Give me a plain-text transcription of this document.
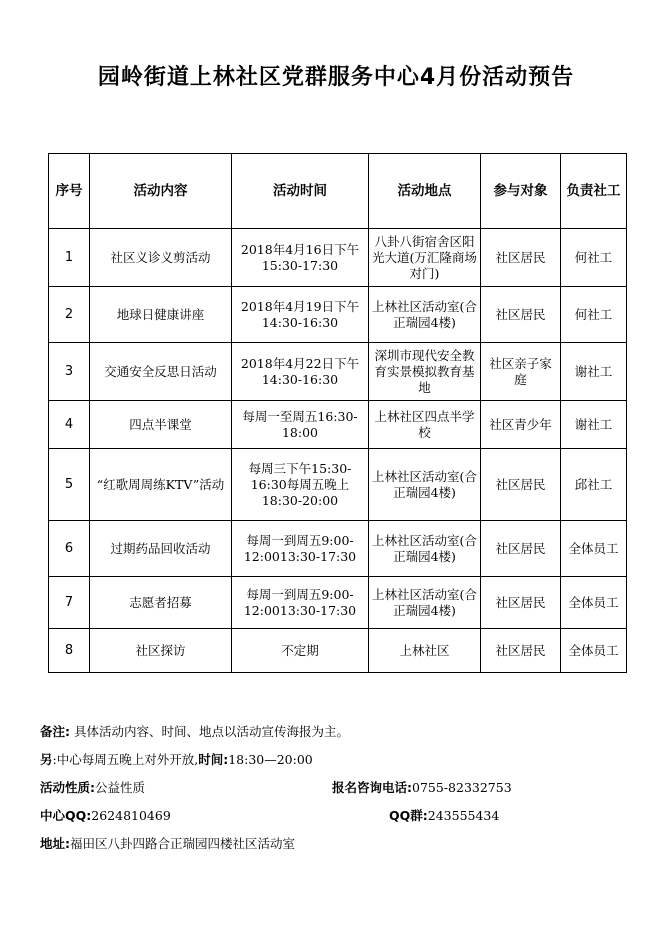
园岭街道上林社区党群服务中心4月份活动预告
序号	活动内容	活动时间	活动地点	参与对象	负责社工
1	社区义诊义剪活动	2018年4月16日下午15:30-17:30	八卦八街宿舍区阳光大道(万汇隆商场对门)	社区居民	何社工
2	地球日健康讲座	2018年4月19日下午14:30-16:30	上林社区活动室(合正瑞园4楼)	社区居民	何社工
3	交通安全反思日活动	2018年4月22日下午14:30-16:30	深圳市现代安全教育实景模拟教育基地	社区亲子家庭	谢社工
4	四点半课堂	每周一至周五16:30-18:00	上林社区四点半学校	社区青少年	谢社工
5	“红歌周周练KTV”活动	每周三下午15:30-16:30每周五晚上18:30-20:00	上林社区活动室(合正瑞园4楼)	社区居民	邱社工
6	过期药品回收活动	每周一到周五9:00-12:0013:30-17:30	上林社区活动室(合正瑞园4楼)	社区居民	全体员工
7	志愿者招募	每周一到周五9:00-12:0013:30-17:30	上林社区活动室(合正瑞园4楼)	社区居民	全体员工
8	社区探访	不定期	上林社区	社区居民	全体员工
备注: 具体活动内容、时间、地点以活动宣传海报为主。
另:中心每周五晚上对外开放,时间:18:30—20:00
活动性质:公益性质	报名咨询电话:0755-82332753
中心QQ:2624810469	QQ群:243555434
地址:福田区八卦四路合正瑞园四楼社区活动室
